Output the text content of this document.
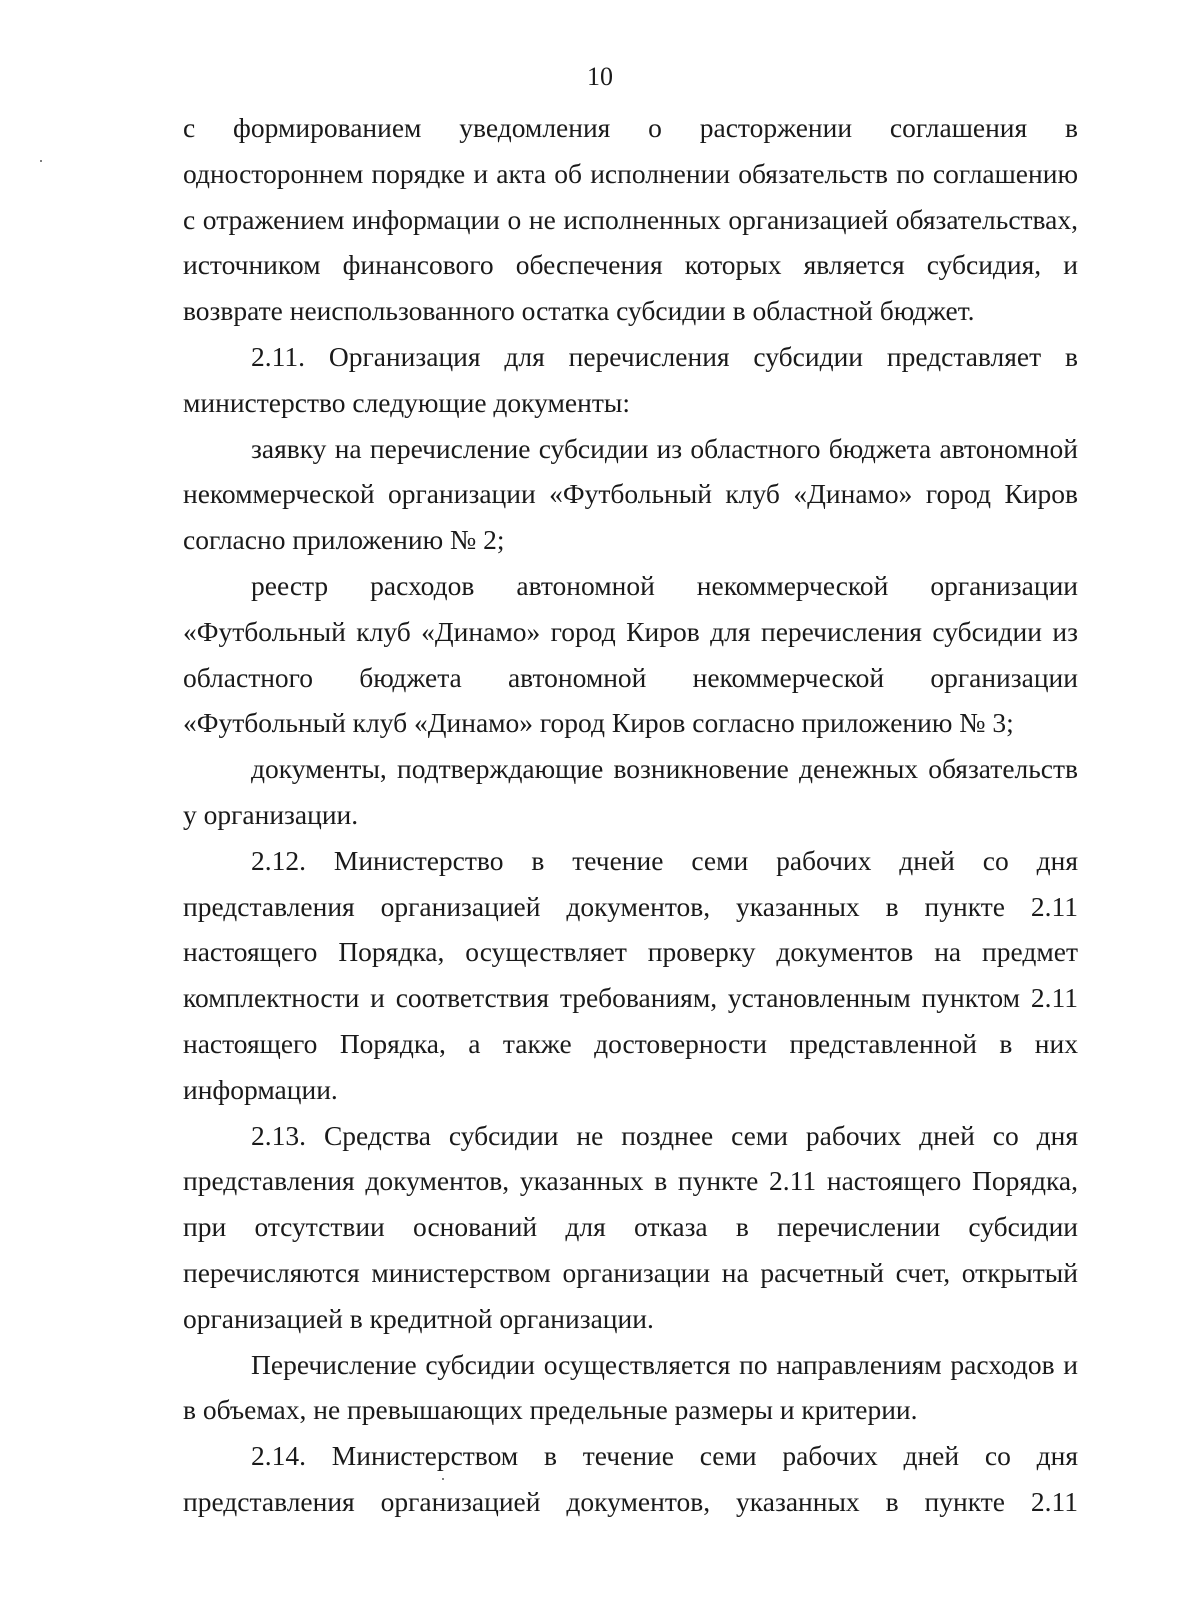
10

с формированием уведомления о расторжении соглашения в одностороннем порядке и акта об исполнении обязательств по соглашению с отражением информации о не исполненных организацией обязательствах, источником финансового обеспечения которых является субсидия, и возврате неиспользованного остатка субсидии в областной бюджет.

2.11. Организация для перечисления субсидии представляет в министерство следующие документы:

заявку на перечисление субсидии из областного бюджета автономной некоммерческой организации «Футбольный клуб «Динамо» город Киров согласно приложению № 2;

реестр расходов автономной некоммерческой организации «Футбольный клуб «Динамо» город Киров для перечисления субсидии из областного бюджета автономной некоммерческой организации «Футбольный клуб «Динамо» город Киров согласно приложению № 3;

документы, подтверждающие возникновение денежных обязательств у организации.

2.12. Министерство в течение семи рабочих дней со дня представления организацией документов, указанных в пункте 2.11 настоящего Порядка, осуществляет проверку документов на предмет комплектности и соответствия требованиям, установленным пунктом 2.11 настоящего Порядка, а также достоверности представленной в них информации.

2.13. Средства субсидии не позднее семи рабочих дней со дня представления документов, указанных в пункте 2.11 настоящего Порядка, при отсутствии оснований для отказа в перечислении субсидии перечисляются министерством организации на расчетный счет, открытый организацией в кредитной организации.

Перечисление субсидии осуществляется по направлениям расходов и в объемах, не превышающих предельные размеры и критерии.

2.14. Министерством в течение семи рабочих дней со дня представления организацией документов, указанных в пункте 2.11
